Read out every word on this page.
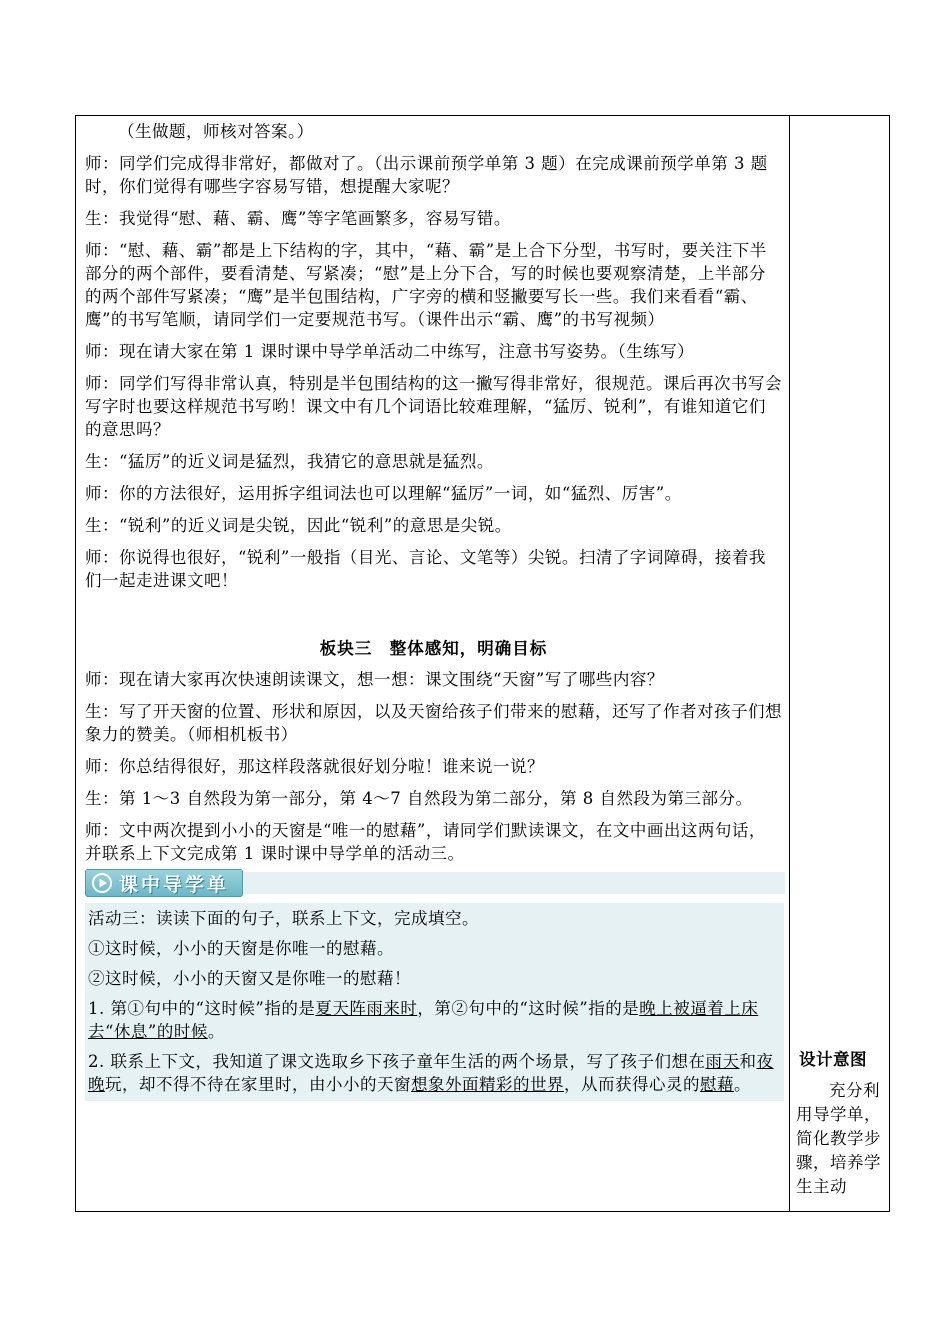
（生做题，师核对答案。）

师：同学们完成得非常好，都做对了。（出示课前预学单第 3 题）在完成课前预学单第 3 题时，你们觉得有哪些字容易写错，想提醒大家呢？

生：我觉得“慰、藉、霸、鹰”等字笔画繁多，容易写错。

师：“慰、藉、霸”都是上下结构的字，其中，“藉、霸”是上合下分型，书写时，要关注下半部分的两个部件，要看清楚、写紧凑；“慰”是上分下合，写的时候也要观察清楚，上半部分的两个部件写紧凑；“鹰”是半包围结构，广字旁的横和竖撇要写长一些。我们来看看“霸、鹰”的书写笔顺，请同学们一定要规范书写。（课件出示“霸、鹰”的书写视频）

师：现在请大家在第 1 课时课中导学单活动二中练写，注意书写姿势。（生练写）

师：同学们写得非常认真，特别是半包围结构的这一撇写得非常好，很规范。课后再次书写会写字时也要这样规范书写哟！课文中有几个词语比较难理解，“猛厉、锐利”，有谁知道它们的意思吗？

生：“猛厉”的近义词是猛烈，我猜它的意思就是猛烈。

师：你的方法很好，运用拆字组词法也可以理解“猛厉”一词，如“猛烈、厉害”。

生：“锐利”的近义词是尖锐，因此“锐利”的意思是尖锐。

师：你说得也很好，“锐利”一般指（目光、言论、文笔等）尖锐。扫清了字词障碍，接着我们一起走进课文吧！

板块三　整体感知，明确目标

师：现在请大家再次快速朗读课文，想一想：课文围绕“天窗”写了哪些内容？

生：写了开天窗的位置、形状和原因，以及天窗给孩子们带来的慰藉，还写了作者对孩子们想象力的赞美。（师相机板书）

师：你总结得很好，那这样段落就很好划分啦！谁来说一说？

生：第 1～3 自然段为第一部分，第 4～7 自然段为第二部分，第 8 自然段为第三部分。

师：文中两次提到小小的天窗是“唯一的慰藉”，请同学们默读课文，在文中画出这两句话，并联系上下文完成第 1 课时课中导学单的活动三。

课中导学单

活动三：读读下面的句子，联系上下文，完成填空。

①这时候，小小的天窗是你唯一的慰藉。

②这时候，小小的天窗又是你唯一的慰藉！

1. 第①句中的“这时候”指的是夏天阵雨来时，第②句中的“这时候”指的是晚上被逼着上床去“休息”的时候。

2. 联系上下文，我知道了课文选取乡下孩子童年生活的两个场景，写了孩子们想在雨天和夜晚玩，却不得不待在家里时，由小小的天窗想象外面精彩的世界，从而获得心灵的慰藉。

设计意图

充分利用导学单，简化教学步骤，培养学生主动
